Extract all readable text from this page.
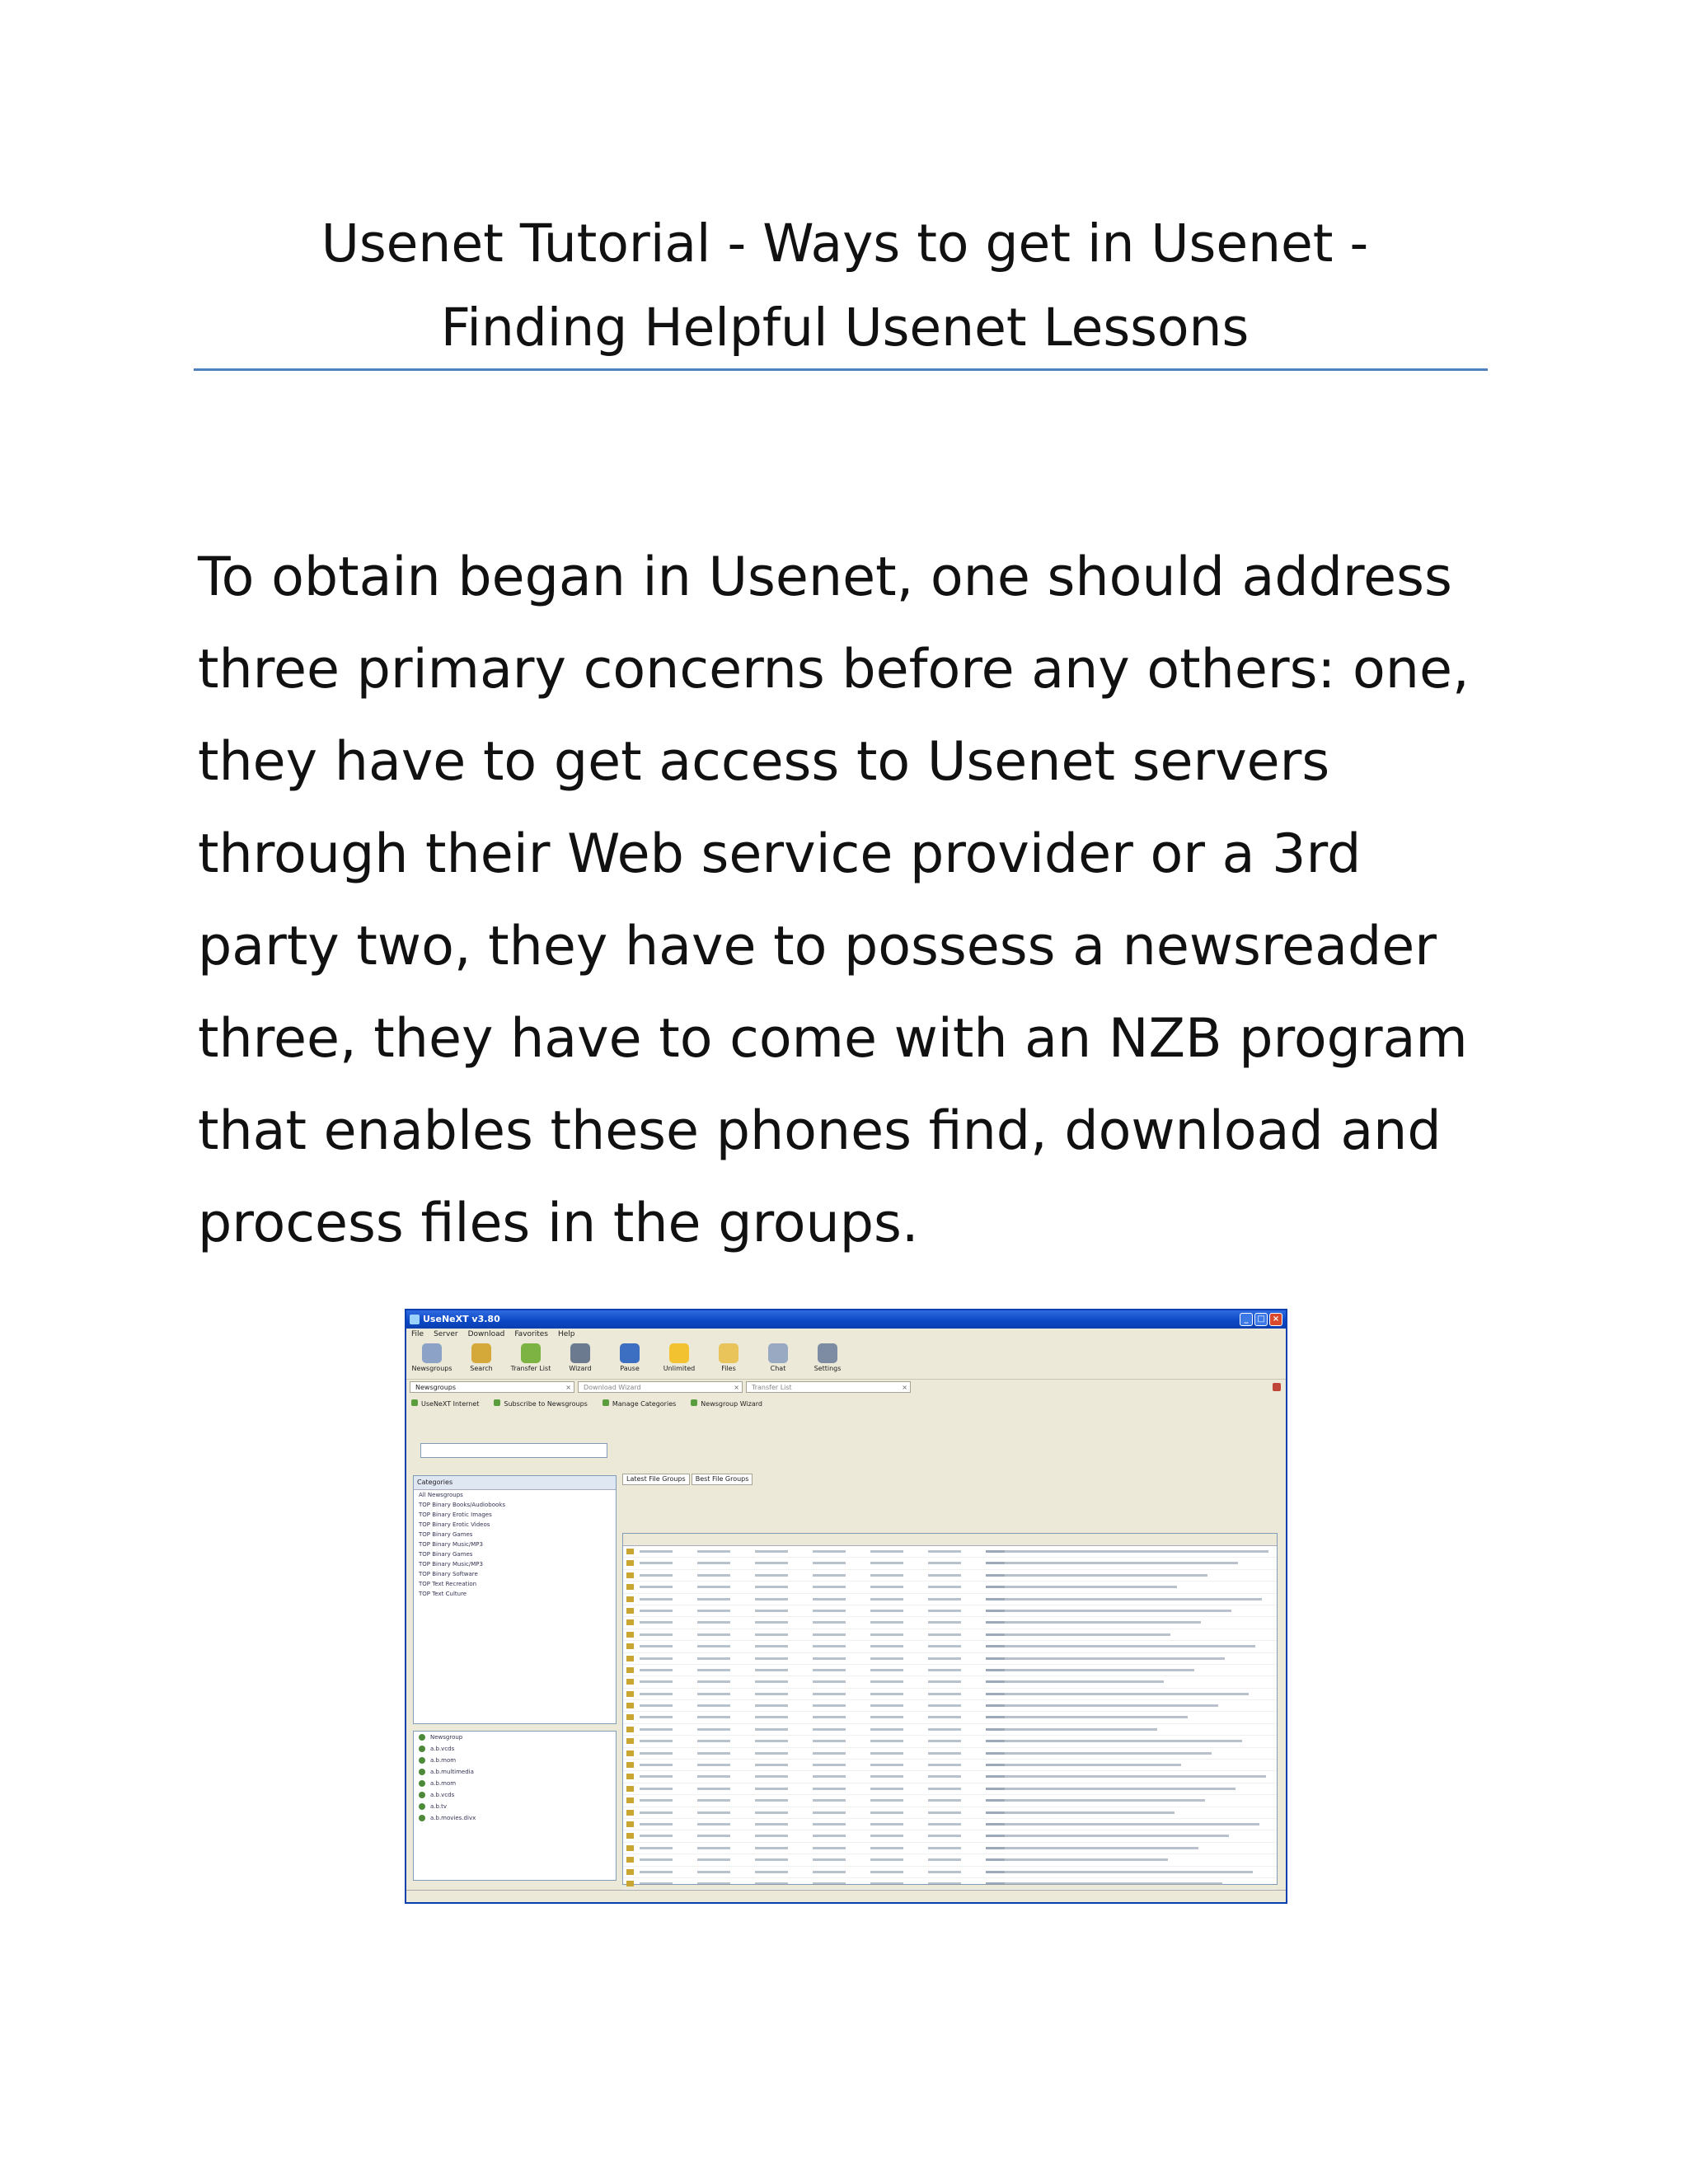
Usenet Tutorial - Ways to get in Usenet -
Finding Helpful Usenet Lessons
To obtain began in Usenet, one should address
three primary concerns before any others: one,
they have to get access to Usenet servers
through their Web service provider or a 3rd
party two, they have to possess a newsreader
three, they have to come with an NZB program
that enables these phones find, download and
process files in the groups.
UseNeXT v3.80	_	□ ×
File Server Download Favorites Help
Newsgroups	Search	Transfer List	Wizard	Pause	Unlimited	Files	Chat	Settings
Newsgroups	×	Download Wizard	×	Transfer List	×
UseNeXT Internet	Subscribe to Newsgroups	Manage Categories	Newsgroup Wizard
Categories
All Newsgroups
TOP Binary Books/Audiobooks
TOP Binary Erotic Images
TOP Binary Erotic Videos
TOP Binary Games
TOP Binary Music/MP3
TOP Binary Games
TOP Binary Music/MP3
TOP Binary Software
TOP Text Recreation
TOP Text Culture
Newsgroup
a.b.vcds
a.b.mom
a.b.multimedia
a.b.mom
a.b.vcds
a.b.tv
a.b.movies.divx
Latest File Groups	Best File Groups
